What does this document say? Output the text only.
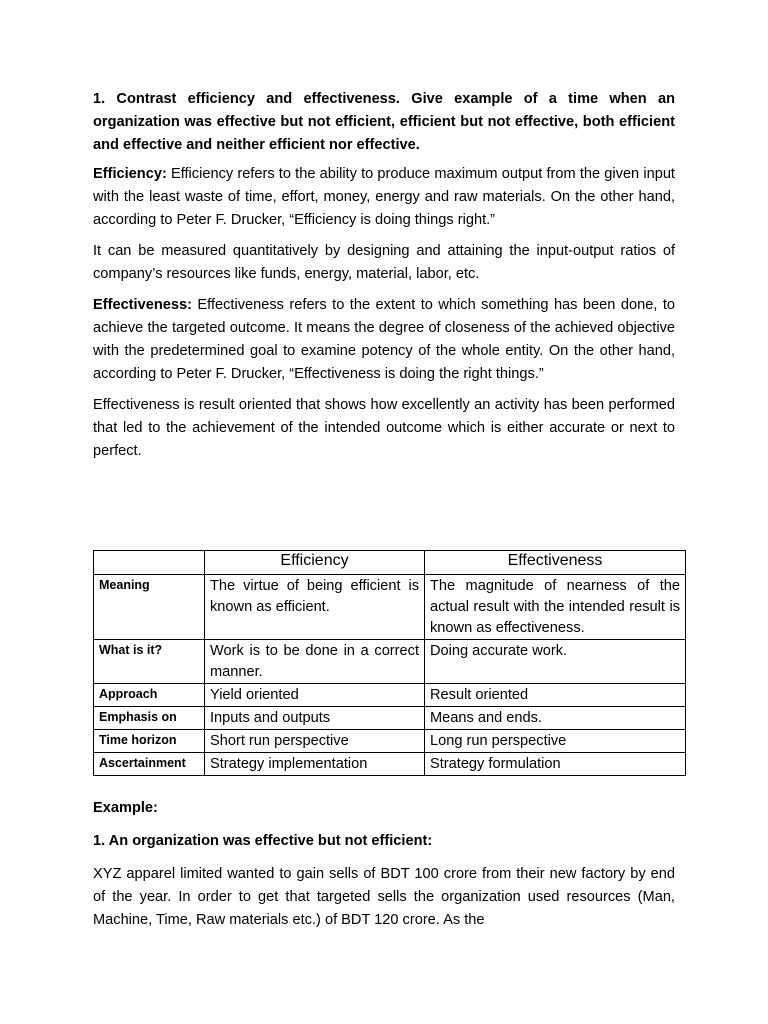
1. Contrast efficiency and effectiveness. Give example of a time when an organization was effective but not efficient, efficient but not effective, both efficient and effective and neither efficient nor effective.

Efficiency: Efficiency refers to the ability to produce maximum output from the given input with the least waste of time, effort, money, energy and raw materials. On the other hand, according to Peter F. Drucker, “Efficiency is doing things right.”

It can be measured quantitatively by designing and attaining the input-output ratios of company’s resources like funds, energy, material, labor, etc.

Effectiveness: Effectiveness refers to the extent to which something has been done, to achieve the targeted outcome. It means the degree of closeness of the achieved objective with the predetermined goal to examine potency of the whole entity. On the other hand, according to Peter F. Drucker, “Effectiveness is doing the right things.”

Effectiveness is result oriented that shows how excellently an activity has been performed that led to the achievement of the intended outcome which is either accurate or next to perfect.

	Efficiency	Effectiveness
Meaning	The virtue of being efficient is known as efficient.	The magnitude of nearness of the actual result with the intended result is known as effectiveness.
What is it?	Work is to be done in a correct manner.	Doing accurate work.
Approach	Yield oriented	Result oriented
Emphasis on	Inputs and outputs	Means and ends.
Time horizon	Short run perspective	Long run perspective
Ascertainment	Strategy implementation	Strategy formulation

Example:

1. An organization was effective but not efficient:

XYZ apparel limited wanted to gain sells of BDT 100 crore from their new factory by end of the year. In order to get that targeted sells the organization used resources (Man, Machine, Time, Raw materials etc.) of BDT 120 crore. As the
